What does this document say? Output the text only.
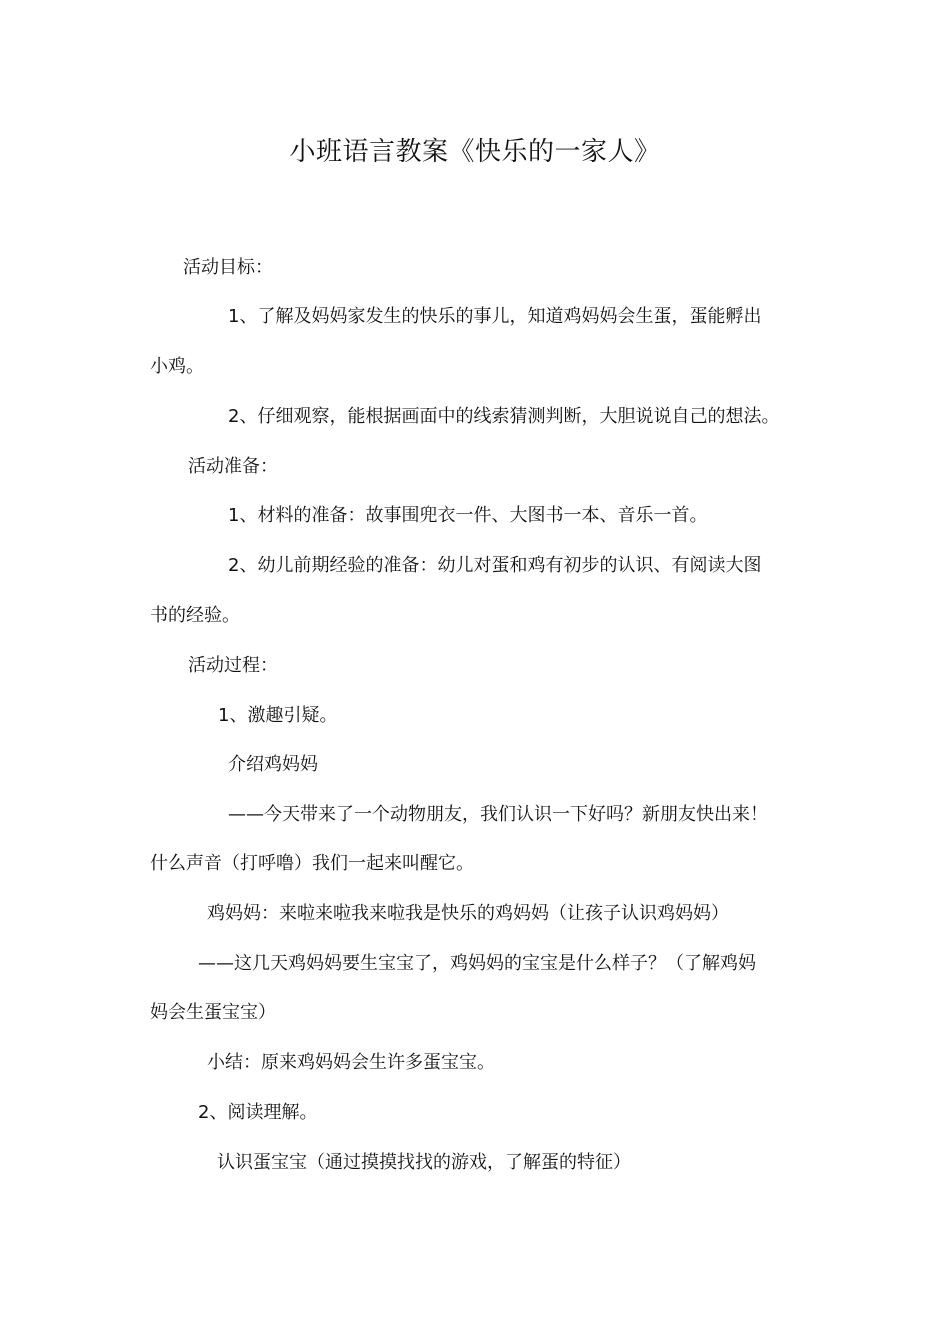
小班语言教案《快乐的一家人》
活动目标：
1、了解及妈妈家发生的快乐的事儿，知道鸡妈妈会生蛋，蛋能孵出
小鸡。
2、仔细观察，能根据画面中的线索猜测判断，大胆说说自己的想法。
活动准备：
1、材料的准备：故事围兜衣一件、大图书一本、音乐一首。
2、幼儿前期经验的准备：幼儿对蛋和鸡有初步的认识、有阅读大图
书的经验。
活动过程：
1、激趣引疑。
介绍鸡妈妈
——今天带来了一个动物朋友，我们认识一下好吗？新朋友快出来！
什么声音（打呼噜）我们一起来叫醒它。
鸡妈妈：来啦来啦我来啦我是快乐的鸡妈妈（让孩子认识鸡妈妈）
——这几天鸡妈妈要生宝宝了，鸡妈妈的宝宝是什么样子？（了解鸡妈
妈会生蛋宝宝）
小结：原来鸡妈妈会生许多蛋宝宝。
2、阅读理解。
认识蛋宝宝（通过摸摸找找的游戏，了解蛋的特征）
